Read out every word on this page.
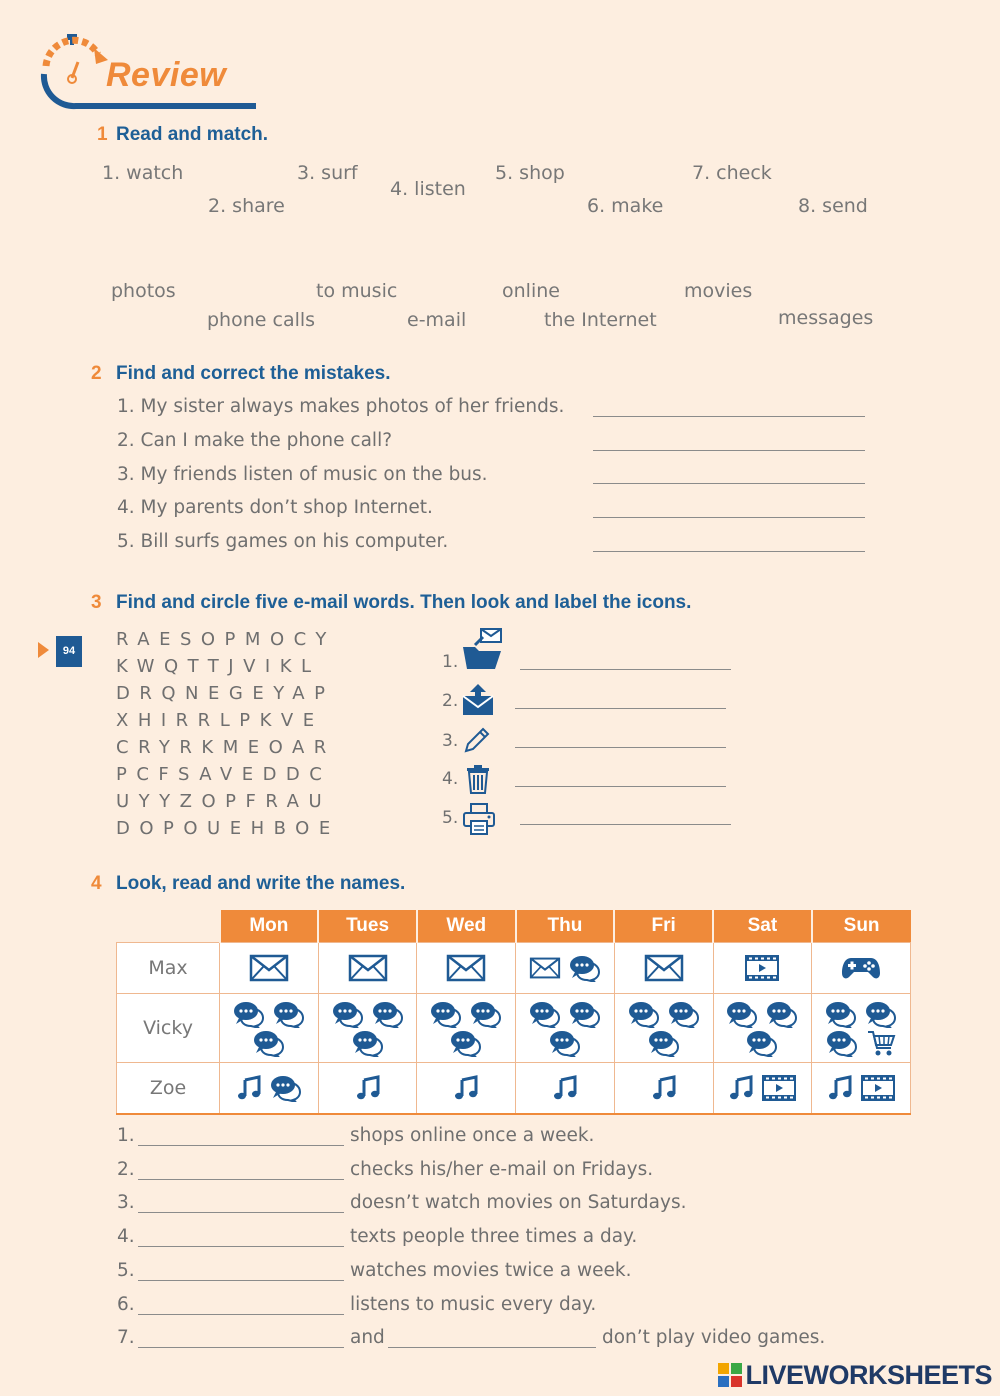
Review
1 Read and match.
1. watch
2. share
3. surf
4. listen
5. shop
6. make
7. check
8. send
photos
phone calls
to music
e-mail
online
the Internet
movies
messages
2 Find and correct the mistakes.
1. My sister always makes photos of her friends.
2. Can I make the phone call?
3. My friends listen of music on the bus.
4. My parents don’t shop Internet.
5. Bill surfs games on his computer.
3 Find and circle five e-mail words. Then look and label the icons.
94
RAESOPMOCY
KWQTTJVIKL
DRQNEGEYAP
XHIRRLPKVE
CRYRKMEOAR
PCFSAVEDDC
UYYZOPFRAU
DOPOUEHBOE
1.
2.
3.
4.
5.
4 Look, read and write the names.
	Mon	Tues	Wed	Thu	Fri	Sat	Sun
Max	

Vicky	

Zoe	

1.	shops online once a week.
2.	checks his/her e-mail on Fridays.
3.	doesn’t watch movies on Saturdays.
4.	texts people three times a day.
5.	watches movies twice a week.
6.	listens to music every day.
7.	and	don’t play video games.
LIVEWORKSHEETS
